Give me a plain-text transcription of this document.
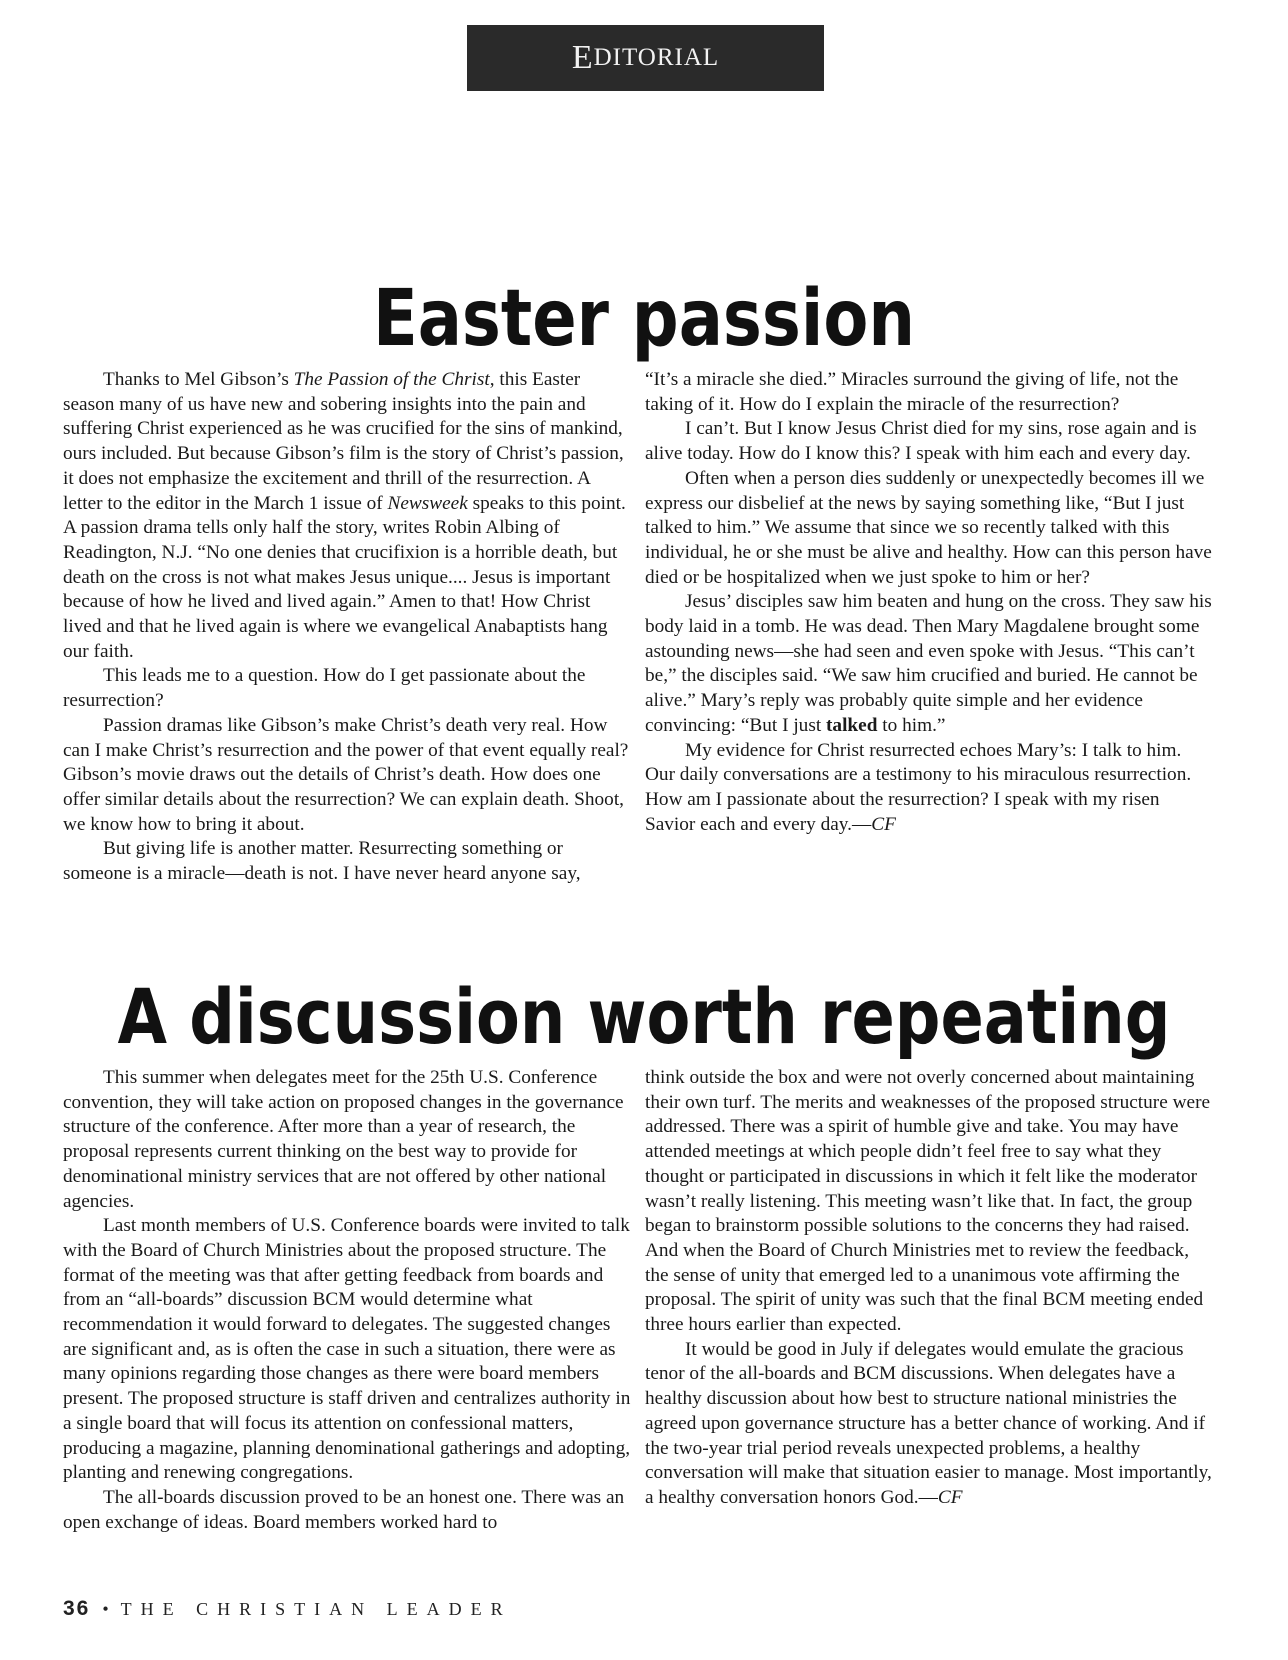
E DITORIAL
Easter passion

Thanks to Mel Gibson’s The Passion of the Christ, this Easter season many of us have new and sobering insights into the pain and suffering Christ experienced as he was crucified for the sins of mankind, ours included. But because Gibson’s film is the story of Christ’s passion, it does not emphasize the excitement and thrill of the resurrection. A letter to the editor in the March 1 issue of Newsweek speaks to this point. A passion drama tells only half the story, writes Robin Albing of Readington, N.J. “No one denies that crucifixion is a horrible death, but death on the cross is not what makes Jesus unique.... Jesus is important because of how he lived and lived again.” Amen to that! How Christ lived and that he lived again is where we evangelical Anabaptists hang our faith.

This leads me to a question. How do I get passionate about the resurrection?

Passion dramas like Gibson’s make Christ’s death very real. How can I make Christ’s resurrection and the power of that event equally real? Gibson’s movie draws out the details of Christ’s death. How does one offer similar details about the resurrection? We can explain death. Shoot, we know how to bring it about.

But giving life is another matter. Resurrecting something or someone is a miracle—death is not. I have never heard anyone say,

“It’s a miracle she died.” Miracles surround the giving of life, not the taking of it. How do I explain the miracle of the resurrection?

I can’t. But I know Jesus Christ died for my sins, rose again and is alive today. How do I know this? I speak with him each and every day.

Often when a person dies suddenly or unexpectedly becomes ill we express our disbelief at the news by saying something like, “But I just talked to him.” We assume that since we so recently talked with this individual, he or she must be alive and healthy. How can this person have died or be hospitalized when we just spoke to him or her?

Jesus’ disciples saw him beaten and hung on the cross. They saw his body laid in a tomb. He was dead. Then Mary Magdalene brought some astounding news—she had seen and even spoke with Jesus. “This can’t be,” the disciples said. “We saw him crucified and buried. He cannot be alive.” Mary’s reply was probably quite simple and her evidence convincing: “But I just talked to him.”

My evidence for Christ resurrected echoes Mary’s: I talk to him. Our daily conversations are a testimony to his miraculous resurrection. How am I passionate about the resurrection? I speak with my risen Savior each and every day.—CF

A discussion worth repeating

This summer when delegates meet for the 25th U.S. Conference convention, they will take action on proposed changes in the governance structure of the conference. After more than a year of research, the proposal represents current thinking on the best way to provide for denominational ministry services that are not offered by other national agencies.

Last month members of U.S. Conference boards were invited to talk with the Board of Church Ministries about the proposed structure. The format of the meeting was that after getting feedback from boards and from an “all-boards” discussion BCM would determine what recommendation it would forward to delegates. The suggested changes are significant and, as is often the case in such a situation, there were as many opinions regarding those changes as there were board members present. The proposed structure is staff driven and centralizes authority in a single board that will focus its attention on confessional matters, producing a magazine, planning denominational gatherings and adopting, planting and renewing congregations.

The all-boards discussion proved to be an honest one. There was an open exchange of ideas. Board members worked hard to

think outside the box and were not overly concerned about maintaining their own turf. The merits and weaknesses of the proposed structure were addressed. There was a spirit of humble give and take. You may have attended meetings at which people didn’t feel free to say what they thought or participated in discussions in which it felt like the moderator wasn’t really listening. This meeting wasn’t like that. In fact, the group began to brainstorm possible solutions to the concerns they had raised. And when the Board of Church Ministries met to review the feedback, the sense of unity that emerged led to a unanimous vote affirming the proposal. The spirit of unity was such that the final BCM meeting ended three hours earlier than expected.

It would be good in July if delegates would emulate the gracious tenor of the all-boards and BCM discussions. When delegates have a healthy discussion about how best to structure national ministries the agreed upon governance structure has a better chance of working. And if the two-year trial period reveals unexpected problems, a healthy conversation will make that situation easier to manage. Most importantly, a healthy conversation honors God.—CF

36 • THE CHRISTIAN LEADER
